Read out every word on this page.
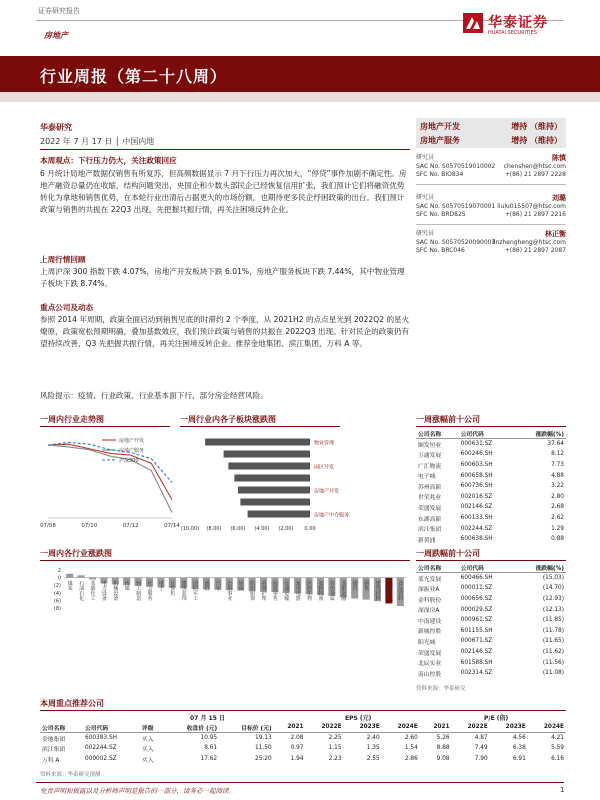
证券研究报告
房地产
华泰证券
HUATAI SECURITIES
行业周报（第二十八周）
华泰研究
2022 年 7 月 17 日 │ 中国内地
本周观点：下行压力仍大，关注政策回应
6 月统计局地产数据仅销售有所复苏，但高频数据显示 7 月下行压力再次加大，“停贷”事件加剧不确定性。房地产融资总量仍在收缩，结构问题突出，央国企和少数头部民企已经恢复信用扩张，我们预计它们将融资优势转化为拿地和销售优势，在本轮行业出清后占据更大的市场份额，也期待更多民企纾困政策的出台。我们预计政策与销售的共振在 22Q3 出现，先把握共振行情，再关注困境反转企业。
上周行情回顾
上周沪深 300 指数下跌 4.07%，房地产开发板块下跌 6.01%，房地产服务板块下跌 7.44%，其中物业管理子板块下跌 8.74%。
重点公司及动态
参照 2014 年周期，政策全面启动到销售见底的时滞约 2 个季度，从 2021H2 的点点星光到 2022Q2 的星火燎原，政策宽松预期明确，叠加基数效应，我们预计政策与销售的共振在 2022Q3 出现。针对民企的政策仍有望持续改善，Q3 先把握共振行情，再关注困境反转企业。推荐金地集团、滨江集团、万科 A 等。
风险提示：疫情、行业政策、行业基本面下行、部分房企经营风险。
房地产开发	增持 （维持）
房地产服务	增持 （维持）
研究员	陈慎
SAC No. S0570519010002 chenshen@htsc.com
SFC No. BIO834	+(86) 21 2897 2228
研究员	刘璐
SAC No. S0570519070001 liulu015507@htsc.com
SFC No. BRD825	+(86) 21 2897 2216
研究员	林正衡
SAC No. S0570520090003
linzhengheng@htsc.com
SFC No. BRC046	+(86) 21 2897 2087
一周内行业走势图
房地产开发
房地产服务
沪深300
07/08	07/10	07/12	07/14
一周行业内各子板块涨跌图
物业管理
园区开发
房地产开发
房地产中介服务
(10.00) (8.00) (6.00) (4.00) (2.00) 0.00
一周涨幅前十公司
公司名称	公司代码	涨跌幅(%)
顺发恒业	000631.SZ	37.64
万通发展	600246.SH	8.12
广汇物流	600603.SH	7.73
电子城	600658.SH	4.88
苏州高新	600736.SH	3.22
世荣兆业	002016.SZ	2.80
荣盛发展	002146.SZ	2.68
东湖高新	600133.SH	2.62
滨江集团	002244.SZ	1.29
新黄浦	600638.SH	0.88
一周内各行业涨跌图
2
0
(2)
(4)
(6)
(8)
煤炭 石油石化 基础化工 电力设备 机械设备 传媒 轻工制造 社会服务 电子 计算机 建筑装饰 国防军工 通信 汽车 公用事业 环保 纺织服饰 美容护理 商贸零售 交通运输 家用电器 医药生物 农林牧渔 有色金属 非银金融 银行 钢铁 建筑材料 房地产 食品饮料
一周跌幅前十公司
公司名称	公司代码	涨跌幅(%)
蓝光发展	600466.SH	(15.03)
深振业A	000011.SZ	(14.70)
金科股份	000656.SZ	(12.93)
深深房A	000029.SZ	(12.13)
中南建设	000961.SZ	(11.85)
新城控股	601155.SH	(11.78)
阳光城	000671.SZ	(11.65)
荣盛发展	002146.SZ	(11.62)
北辰实业	601588.SH	(11.56)
南山控股	002314.SZ	(11.08)
资料来源：华泰研究
本周重点推荐公司
07 月 15 日	EPS (元)	P/E (倍)
公司名称	公司代码	评级	收盘价 (元)	目标价 (元)	2021	2022E	2023E	2024E	2021	2022E	2023E	2024E
金地集团	600383.SH	买入	10.95	19.13	2.08	2.25	2.40	2.60	5.26	4.87	4.56	4.21
滨江集团	002244.SZ	买入	8.61	11.50	0.97	1.15	1.35	1.54	8.88	7.49	6.38	5.59
万科 A	000002.SZ	买入	17.62	25.20	1.94	2.23	2.55	2.86	9.08	7.90	6.91	6.16
资料来源：华泰研究预测
免责声明和披露以及分析师声明是报告的一部分，请务必一起阅读。	1
